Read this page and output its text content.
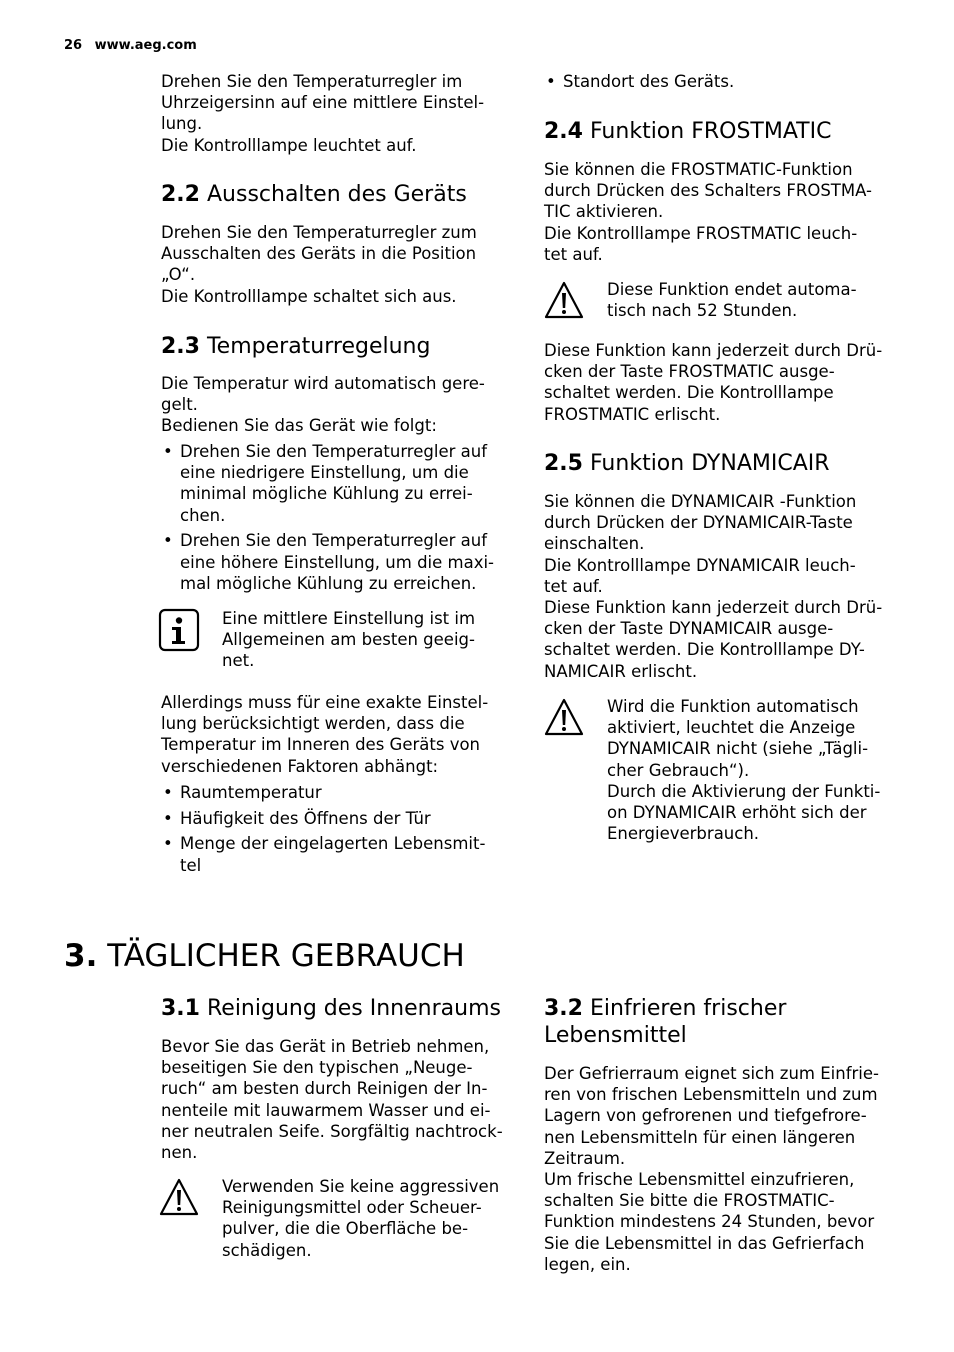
26 www.aeg.com

Drehen Sie den Temperaturregler im
Uhrzeigersinn auf eine mittlere Einstel-
lung.
Die Kontrolllampe leuchtet auf.

2.2 Ausschalten des Geräts

Drehen Sie den Temperaturregler zum
Ausschalten des Geräts in die Position
„O“.
Die Kontrolllampe schaltet sich aus.

2.3 Temperaturregelung

Die Temperatur wird automatisch gere-
gelt.
Bedienen Sie das Gerät wie folgt:

• Drehen Sie den Temperaturregler auf
eine niedrigere Einstellung, um die
minimal mögliche Kühlung zu errei-
chen.
• Drehen Sie den Temperaturregler auf
eine höhere Einstellung, um die maxi-
mal mögliche Kühlung zu erreichen.
Eine mittlere Einstellung ist im
Allgemeinen am besten geeig-
net.

Allerdings muss für eine exakte Einstel-
lung berücksichtigt werden, dass die
Temperatur im Inneren des Geräts von
verschiedenen Faktoren abhängt:

• Raumtemperatur
• Häufigkeit des Öffnens der Tür
• Menge der eingelagerten Lebensmit-
tel
• Standort des Geräts.
2.4 Funktion FROSTMATIC

Sie können die FROSTMATIC-Funktion
durch Drücken des Schalters FROSTMA-
TIC aktivieren.
Die Kontrolllampe FROSTMATIC leuch-
tet auf.

Diese Funktion endet automa-
tisch nach 52 Stunden.

Diese Funktion kann jederzeit durch Drü-
cken der Taste FROSTMATIC ausge-
schaltet werden. Die Kontrolllampe
FROSTMATIC erlischt.

2.5 Funktion DYNAMICAIR

Sie können die DYNAMICAIR -Funktion
durch Drücken der DYNAMICAIR-Taste
einschalten.
Die Kontrolllampe DYNAMICAIR leuch-
tet auf.
Diese Funktion kann jederzeit durch Drü-
cken der Taste DYNAMICAIR ausge-
schaltet werden. Die Kontrolllampe DY-
NAMICAIR erlischt.

Wird die Funktion automatisch
aktiviert, leuchtet die Anzeige
DYNAMICAIR nicht (siehe „Tägli-
cher Gebrauch“).
Durch die Aktivierung der Funkti-
on DYNAMICAIR erhöht sich der
Energieverbrauch.
3. TÄGLICHER GEBRAUCH
3.1 Reinigung des Innenraums

Bevor Sie das Gerät in Betrieb nehmen,
beseitigen Sie den typischen „Neuge-
ruch“ am besten durch Reinigen der In-
nenteile mit lauwarmem Wasser und ei-
ner neutralen Seife. Sorgfältig nachtrock-
nen.

Verwenden Sie keine aggressiven
Reinigungsmittel oder Scheuer-
pulver, die die Oberfläche be-
schädigen.
3.2 Einfrieren frischer
Lebensmittel

Der Gefrierraum eignet sich zum Einfrie-
ren von frischen Lebensmitteln und zum
Lagern von gefrorenen und tiefgefrore-
nen Lebensmitteln für einen längeren
Zeitraum.
Um frische Lebensmittel einzufrieren,
schalten Sie bitte die FROSTMATIC-
Funktion mindestens 24 Stunden, bevor
Sie die Lebensmittel in das Gefrierfach
legen, ein.
